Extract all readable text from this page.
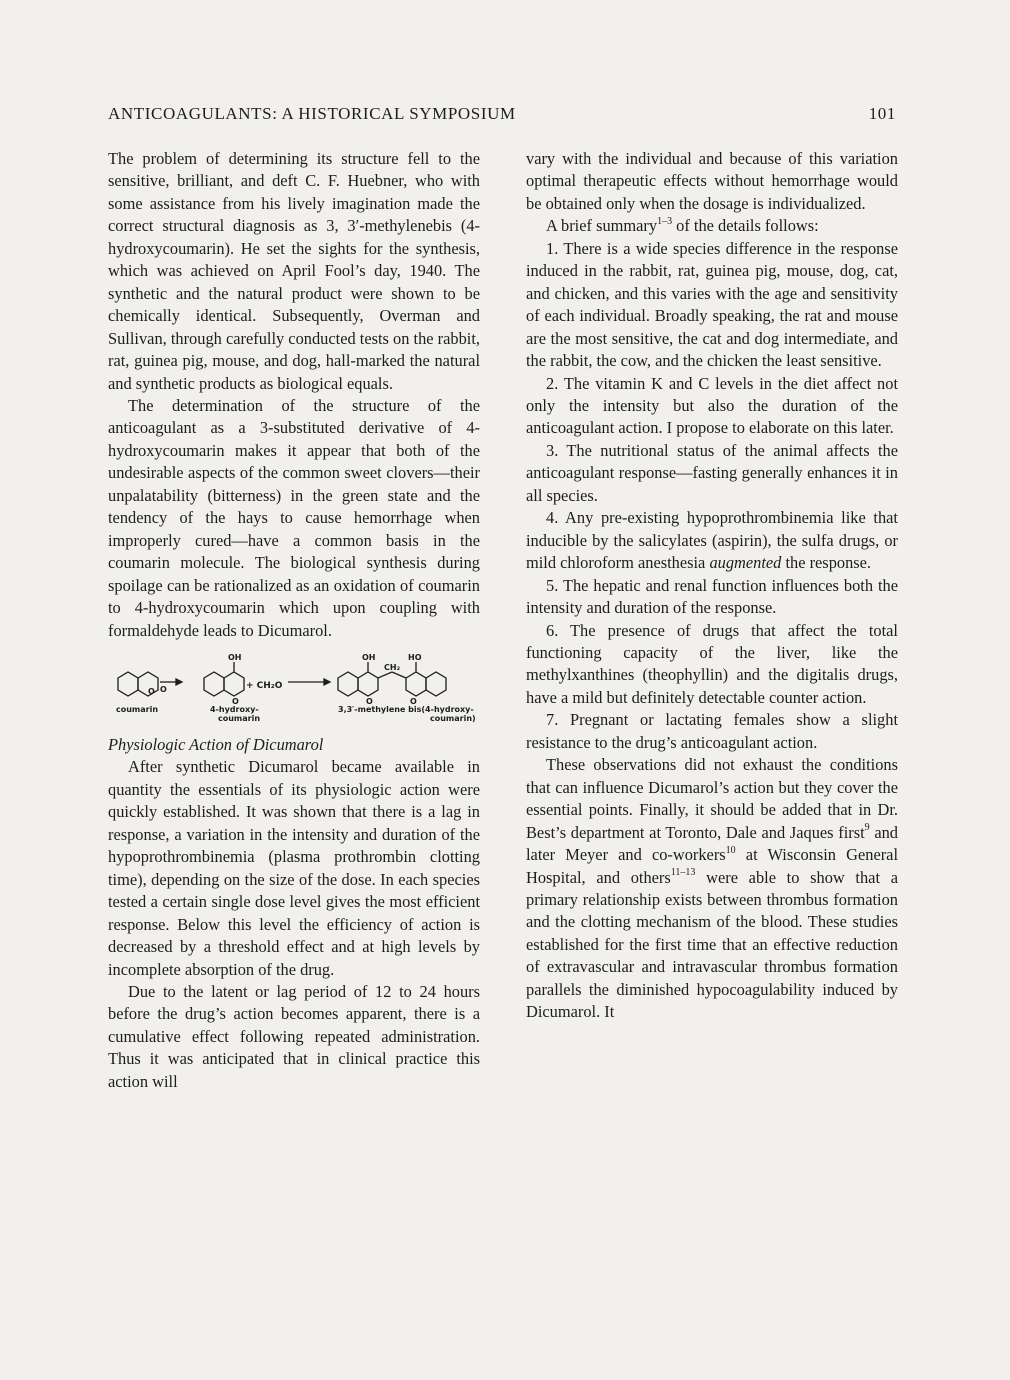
ANTICOAGULANTS: A HISTORICAL SYMPOSIUM	101

The problem of determining its structure fell to the sensitive, brilliant, and deft C. F. Huebner, who with some assistance from his lively imagination made the correct structural diagnosis as 3, 3′-methylenebis (4-hydroxycoumarin). He set the sights for the synthesis, which was achieved on April Fool’s day, 1940. The synthetic and the natural product were shown to be chemically identical. Subsequently, Overman and Sullivan, through carefully conducted tests on the rabbit, rat, guinea pig, mouse, and dog, hall-marked the natural and synthetic products as biological equals.

The determination of the structure of the anticoagulant as a 3-substituted derivative of 4-hydroxycoumarin makes it appear that both of the undesirable aspects of the common sweet clovers—their unpalatability (bitterness) in the green state and the tendency of the hays to cause hemorrhage when improperly cured—have a common basis in the coumarin molecule. The biological synthesis during spoilage can be rationalized as an oxidation of coumarin to 4-hydroxycoumarin which upon coupling with formaldehyde leads to Dicumarol.

O O
OH
O
+ CH₂O
OH
CH₂
HO
O	O
coumarin	4-hydroxy-
coumarin
3,3′-methylene bis(4-hydroxy-
coumarin)

Physiologic Action of Dicumarol

After synthetic Dicumarol became available in quantity the essentials of its physiologic action were quickly established. It was shown that there is a lag in response, a variation in the intensity and duration of the hypoprothrombinemia (plasma prothrombin clotting time), depending on the size of the dose. In each species tested a certain single dose level gives the most efficient response. Below this level the efficiency of action is decreased by a threshold effect and at high levels by incomplete absorption of the drug.

Due to the latent or lag period of 12 to 24 hours before the drug’s action becomes apparent, there is a cumulative effect following repeated administration. Thus it was anticipated that in clinical practice this action will

vary with the individual and because of this variation optimal therapeutic effects without hemorrhage would be obtained only when the dosage is individualized.

A brief summary$^{1-3}$ of the details follows:

1. There is a wide species difference in the response induced in the rabbit, rat, guinea pig, mouse, dog, cat, and chicken, and this varies with the age and sensitivity of each individual. Broadly speaking, the rat and mouse are the most sensitive, the cat and dog intermediate, and the rabbit, the cow, and the chicken the least sensitive.

2. The vitamin K and C levels in the diet affect not only the intensity but also the duration of the anticoagulant action. I propose to elaborate on this later.

3. The nutritional status of the animal affects the anticoagulant response—fasting generally enhances it in all species.

4. Any pre-existing hypoprothrombinemia like that inducible by the salicylates (aspirin), the sulfa drugs, or mild chloroform anesthesia augmented the response.

5. The hepatic and renal function influences both the intensity and duration of the response.

6. The presence of drugs that affect the total functioning capacity of the liver, like the methylxanthines (theophyllin) and the digitalis drugs, have a mild but definitely detectable counter action.

7. Pregnant or lactating females show a slight resistance to the drug’s anticoagulant action.

These observations did not exhaust the conditions that can influence Dicumarol’s action but they cover the essential points. Finally, it should be added that in Dr. Best’s department at Toronto, Dale and Jaques first$^9$ and later Meyer and co-workers$^{10}$ at Wisconsin General Hospital, and others$^{11-13}$ were able to show that a primary relationship exists between thrombus formation and the clotting mechanism of the blood. These studies established for the first time that an effective reduction of extravascular and intravascular thrombus formation parallels the diminished hypocoagulability induced by Dicumarol. It
